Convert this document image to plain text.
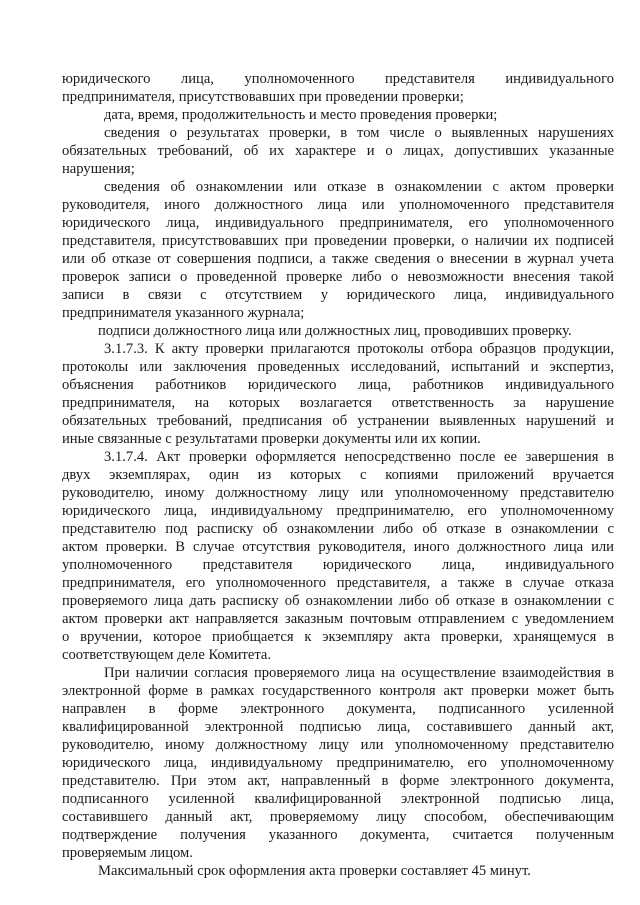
юридического лица, уполномоченного представителя индивидуального
предпринимателя, присутствовавших при проведении проверки;
дата, время, продолжительность и место проведения проверки;
сведения о результатах проверки, в том числе о выявленных нарушениях
обязательных требований, об их характере и о лицах, допустивших указанные
нарушения;
сведения об ознакомлении или отказе в ознакомлении с актом проверки
руководителя, иного должностного лица или уполномоченного представителя
юридического лица, индивидуального предпринимателя, его уполномоченного
представителя, присутствовавших при проведении проверки, о наличии их подписей
или об отказе от совершения подписи, а также сведения о внесении в журнал учета
проверок записи о проведенной проверке либо о невозможности внесения такой
записи в связи с отсутствием у юридического лица, индивидуального
предпринимателя указанного журнала;
подписи должностного лица или должностных лиц, проводивших проверку.
3.1.7.3. К акту проверки прилагаются протоколы отбора образцов продукции,
протоколы или заключения проведенных исследований, испытаний и экспертиз,
объяснения работников юридического лица, работников индивидуального
предпринимателя, на которых возлагается ответственность за нарушение
обязательных требований, предписания об устранении выявленных нарушений и
иные связанные с результатами проверки документы или их копии.
3.1.7.4. Акт проверки оформляется непосредственно после ее завершения в
двух экземплярах, один из которых с копиями приложений вручается
руководителю, иному должностному лицу или уполномоченному представителю
юридического лица, индивидуальному предпринимателю, его уполномоченному
представителю под расписку об ознакомлении либо об отказе в ознакомлении с
актом проверки. В случае отсутствия руководителя, иного должностного лица или
уполномоченного представителя юридического лица, индивидуального
предпринимателя, его уполномоченного представителя, а также в случае отказа
проверяемого лица дать расписку об ознакомлении либо об отказе в ознакомлении с
актом проверки акт направляется заказным почтовым отправлением с уведомлением
о вручении, которое приобщается к экземпляру акта проверки, хранящемуся в
соответствующем деле Комитета.
При наличии согласия проверяемого лица на осуществление взаимодействия в
электронной форме в рамках государственного контроля акт проверки может быть
направлен в форме электронного документа, подписанного усиленной
квалифицированной электронной подписью лица, составившего данный акт,
руководителю, иному должностному лицу или уполномоченному представителю
юридического лица, индивидуальному предпринимателю, его уполномоченному
представителю. При этом акт, направленный в форме электронного документа,
подписанного усиленной квалифицированной электронной подписью лица,
составившего данный акт, проверяемому лицу способом, обеспечивающим
подтверждение получения указанного документа, считается полученным
проверяемым лицом.
Максимальный срок оформления акта проверки составляет 45 минут.
